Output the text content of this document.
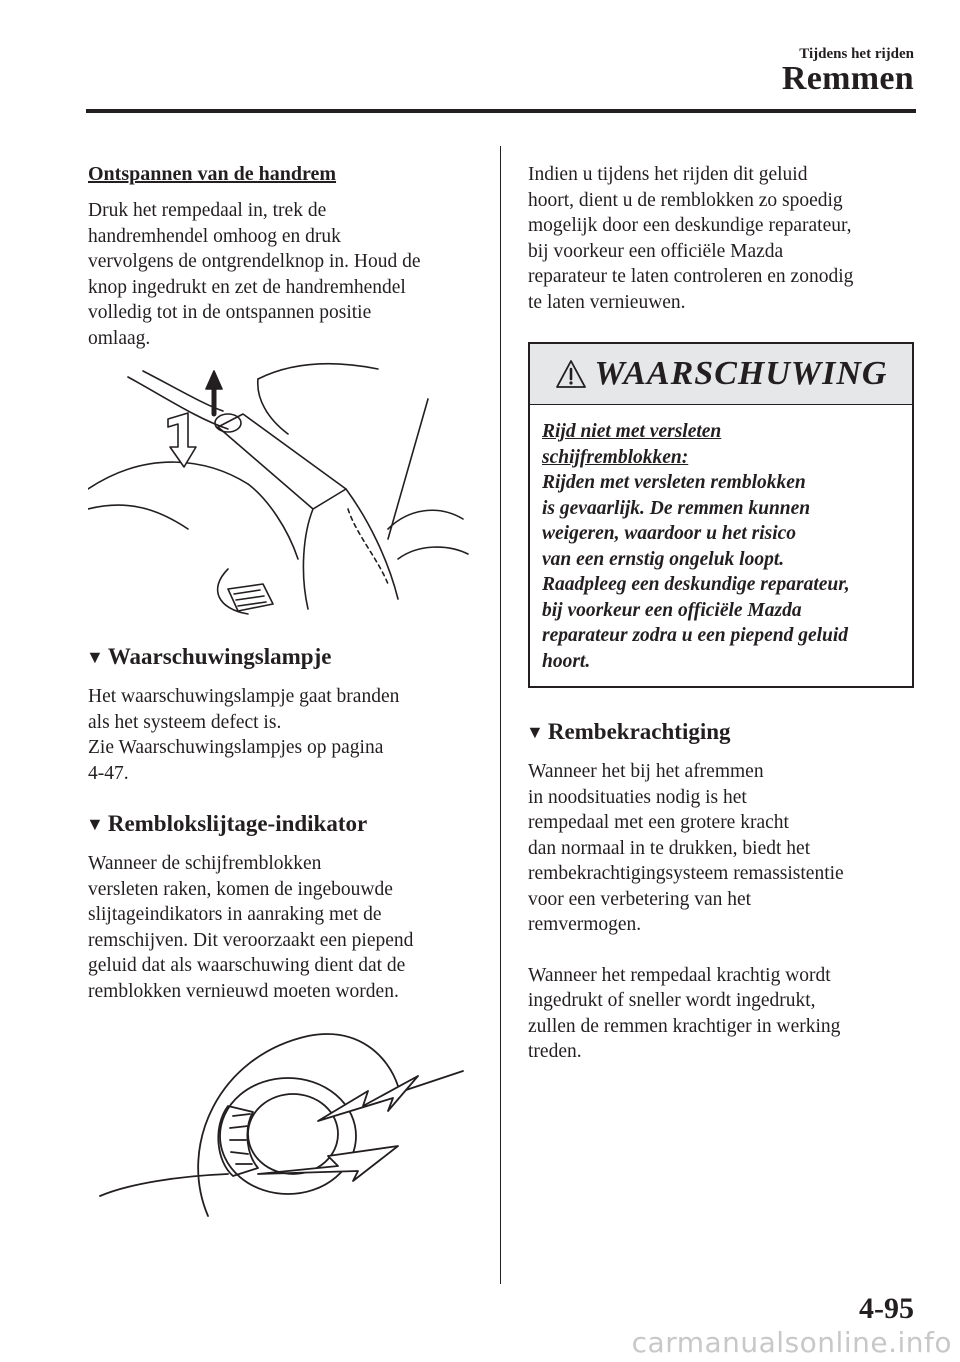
Tijdens het rijden
Remmen
Ontspannen van de handrem
Druk het rempedaal in, trek de
handremhendel omhoog en druk
vervolgens de ontgrendelknop in. Houd de
knop ingedrukt en zet de handremhendel
volledig tot in de ontspannen positie
omlaag.
▼ Waarschuwingslampje
Het waarschuwingslampje gaat branden
als het systeem defect is.
Zie Waarschuwingslampjes op pagina
4-47.
▼ Remblokslijtage-indikator
Wanneer de schijfremblokken
versleten raken, komen de ingebouwde
slijtageindikators in aanraking met de
remschijven. Dit veroorzaakt een piepend
geluid dat als waarschuwing dient dat de
remblokken vernieuwd moeten worden.
Indien u tijdens het rijden dit geluid
hoort, dient u de remblokken zo spoedig
mogelijk door een deskundige reparateur,
bij voorkeur een officiële Mazda
reparateur te laten controleren en zonodig
te laten vernieuwen.
WAARSCHUWING
Rijd niet met versleten
schijfremblokken:
Rijden met versleten remblokken
is gevaarlijk. De remmen kunnen
weigeren, waardoor u het risico
van een ernstig ongeluk loopt.
Raadpleeg een deskundige reparateur,
bij voorkeur een officiële Mazda
reparateur zodra u een piepend geluid
hoort.
▼ Rembekrachtiging
Wanneer het bij het afremmen
in noodsituaties nodig is het
rempedaal met een grotere kracht
dan normaal in te drukken, biedt het
rembekrachtigingsysteem remassistentie
voor een verbetering van het
remvermogen.
Wanneer het rempedaal krachtig wordt
ingedrukt of sneller wordt ingedrukt,
zullen de remmen krachtiger in werking
treden.
4-95
carmanualsonline.info
